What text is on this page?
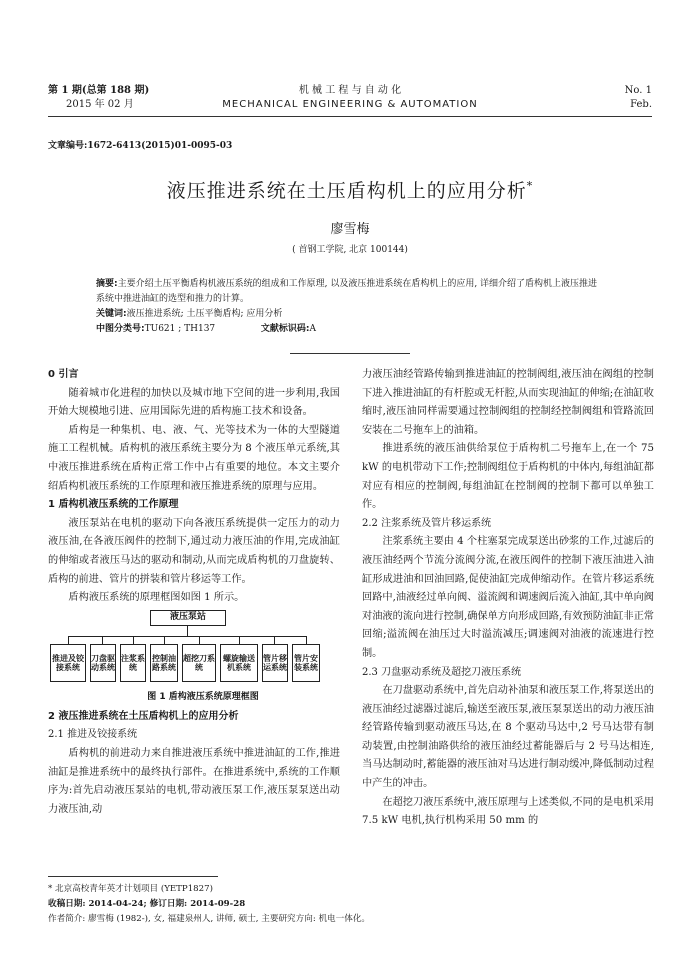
第 1 期(总第 188 期)
2015 年 02 月
机 械 工 程 与 自 动 化
MECHANICAL ENGINEERING & AUTOMATION
No. 1
Feb.
文章编号:1672-6413(2015)01-0095-03
液压推进系统在土压盾构机上的应用分析*
廖雪梅
( 首钢工学院, 北京 100144)
摘要:主要介绍土压平衡盾构机液压系统的组成和工作原理, 以及液压推进系统在盾构机上的应用, 详细介绍了盾构机上液压推进系统中推进油缸的选型和推力的计算。
关键词:液压推进系统; 土压平衡盾构; 应用分析
中图分类号:TU621 ; TH137	文献标识码:A

0 引言

随着城市化进程的加快以及城市地下空间的进一步利用,我国开始大规模地引进、应用国际先进的盾构施工技术和设备。

盾构是一种集机、电、液、气、光等技术为一体的大型隧道施工工程机械。盾构机的液压系统主要分为 8 个液压单元系统,其中液压推进系统在盾构正常工作中占有重要的地位。本文主要介绍盾构机液压系统的工作原理和液压推进系统的原理与应用。

1 盾构机液压系统的工作原理

液压泵站在电机的驱动下向各液压系统提供一定压力的动力液压油,在各液压阀件的控制下,通过动力液压油的作用,完成油缸的伸缩或者液压马达的驱动和制动,从而完成盾构机的刀盘旋转、盾构的前进、管片的拼装和管片移运等工作。

盾构液压系统的原理框图如图 1 所示。

液压泵站
推进及铰接系统
刀盘驱动系统
注浆系统
控制油路系统
超挖刀系统
螺旋输送机系统
管片移运系统
管片安装系统

图 1 盾构液压系统原理框图

2 液压推进系统在土压盾构机上的应用分析

2.1 推进及铰接系统

盾构机的前进动力来自推进液压系统中推进油缸的工作,推进油缸是推进系统中的最终执行部件。在推进系统中,系统的工作顺序为:首先启动液压泵站的电机,带动液压泵工作,液压泵泵送出动力液压油,动

力液压油经管路传输到推进油缸的控制阀组,液压油在阀组的控制下进入推进油缸的有杆腔或无杆腔,从而实现油缸的伸缩;在油缸收缩时,液压油同样需要通过控制阀组的控制经控制阀组和管路流回安装在二号拖车上的油箱。

推进系统的液压油供给泵位于盾构机二号拖车上,在一个 75 kW 的电机带动下工作;控制阀组位于盾构机的中体内,每组油缸都对应有相应的控制阀,每组油缸在控制阀的控制下都可以单独工作。

2.2 注浆系统及管片移运系统

注浆系统主要由 4 个柱塞泵完成泵送出砂浆的工作,过滤后的液压油经两个节流分流阀分流,在液压阀件的控制下液压油进入油缸形成进油和回油回路,促使油缸完成伸缩动作。在管片移运系统回路中,油液经过单向阀、溢流阀和调速阀后流入油缸,其中单向阀对油液的流向进行控制,确保单方向形成回路,有效预防油缸非正常回缩;溢流阀在油压过大时溢流减压;调速阀对油液的流速进行控制。

2.3 刀盘驱动系统及超挖刀液压系统

在刀盘驱动系统中,首先启动补油泵和液压泵工作,将泵送出的液压油经过滤器过滤后,输送至液压泵,液压泵泵送出的动力液压油经管路传输到驱动液压马达,在 8 个驱动马达中,2 号马达带有制动装置,由控制油路供给的液压油经过蓄能器后与 2 号马达相连,当马达制动时,蓄能器的液压油对马达进行制动缓冲,降低制动过程中产生的冲击。

在超挖刀液压系统中,液压原理与上述类似,不同的是电机采用 7.5 kW 电机,执行机构采用 50 mm 的

* 北京高校青年英才计划项目 (YETP1827)
收稿日期: 2014-04-24; 修订日期: 2014-09-28
作者简介: 廖雪梅 (1982-), 女, 福建泉州人, 讲师, 硕士, 主要研究方向: 机电一体化。
